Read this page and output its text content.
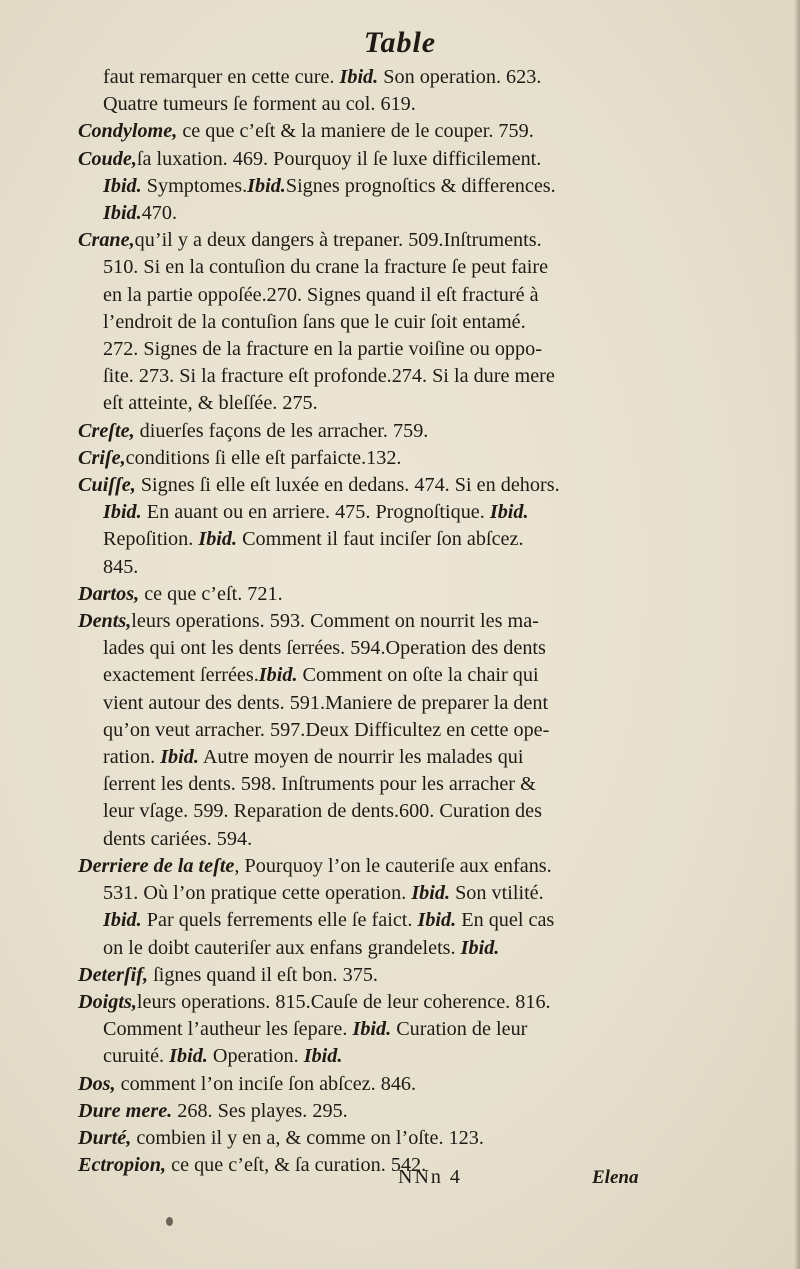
Table
faut remarquer en cette cure. Ibid. Son operation. 623.
Quatre tumeurs ſe forment au col. 619.
Condylome, ce que c’eſt & la maniere de le couper. 759.
Coude,ſa luxation. 469. Pourquoy il ſe luxe difficilement.
Ibid. Symptomes.Ibid.Signes prognoſtics & differences.
Ibid.470.
Crane,qu’il y a deux dangers à trepaner. 509.Inſtruments.
510. Si en la contuſion du crane la fracture ſe peut faire
en la partie oppoſée.270. Signes quand il eſt fracturé à
l’endroit de la contuſion ſans que le cuir ſoit entamé.
272. Signes de la fracture en la partie voiſine ou oppo-
ſite. 273. Si la fracture eſt profonde.274. Si la dure mere
eſt atteinte, & bleſſée. 275.
Creſte, diuerſes façons de les arracher. 759.
Criſe,conditions ſi elle eſt parfaicte.132.
Cuiſſe, Signes ſi elle eſt luxée en dedans. 474. Si en dehors.
Ibid. En auant ou en arriere. 475. Prognoſtique. Ibid.
Repoſition. Ibid. Comment il faut inciſer ſon abſcez.
845.
Dartos, ce que c’eſt. 721.
Dents,leurs operations. 593. Comment on nourrit les ma-
lades qui ont les dents ſerrées. 594.Operation des dents
exactement ſerrées.Ibid. Comment on oſte la chair qui
vient autour des dents. 591.Maniere de preparer la dent
qu’on veut arracher. 597.Deux Difficultez en cette ope-
ration. Ibid. Autre moyen de nourrir les malades qui
ſerrent les dents. 598. Inſtruments pour les arracher &
leur vſage. 599. Reparation de dents.600. Curation des
dents cariées. 594.
Derriere de la teſte, Pourquoy l’on le cauteriſe aux enfans.
531. Où l’on pratique cette operation. Ibid. Son vtilité.
Ibid. Par quels ferrements elle ſe faict. Ibid. En quel cas
on le doibt cauteriſer aux enfans grandelets. Ibid.
Deterſif, ſignes quand il eſt bon. 375.
Doigts,leurs operations. 815.Cauſe de leur coherence. 816.
Comment l’autheur les ſepare. Ibid. Curation de leur
curuité. Ibid. Operation. Ibid.
Dos, comment l’on inciſe ſon abſcez. 846.
Dure mere. 268. Ses playes. 295.
Durté, combien il y en a, & comme on l’oſte. 123.
Ectropion, ce que c’eſt, & ſa curation. 542.
NNn 4	Elena
